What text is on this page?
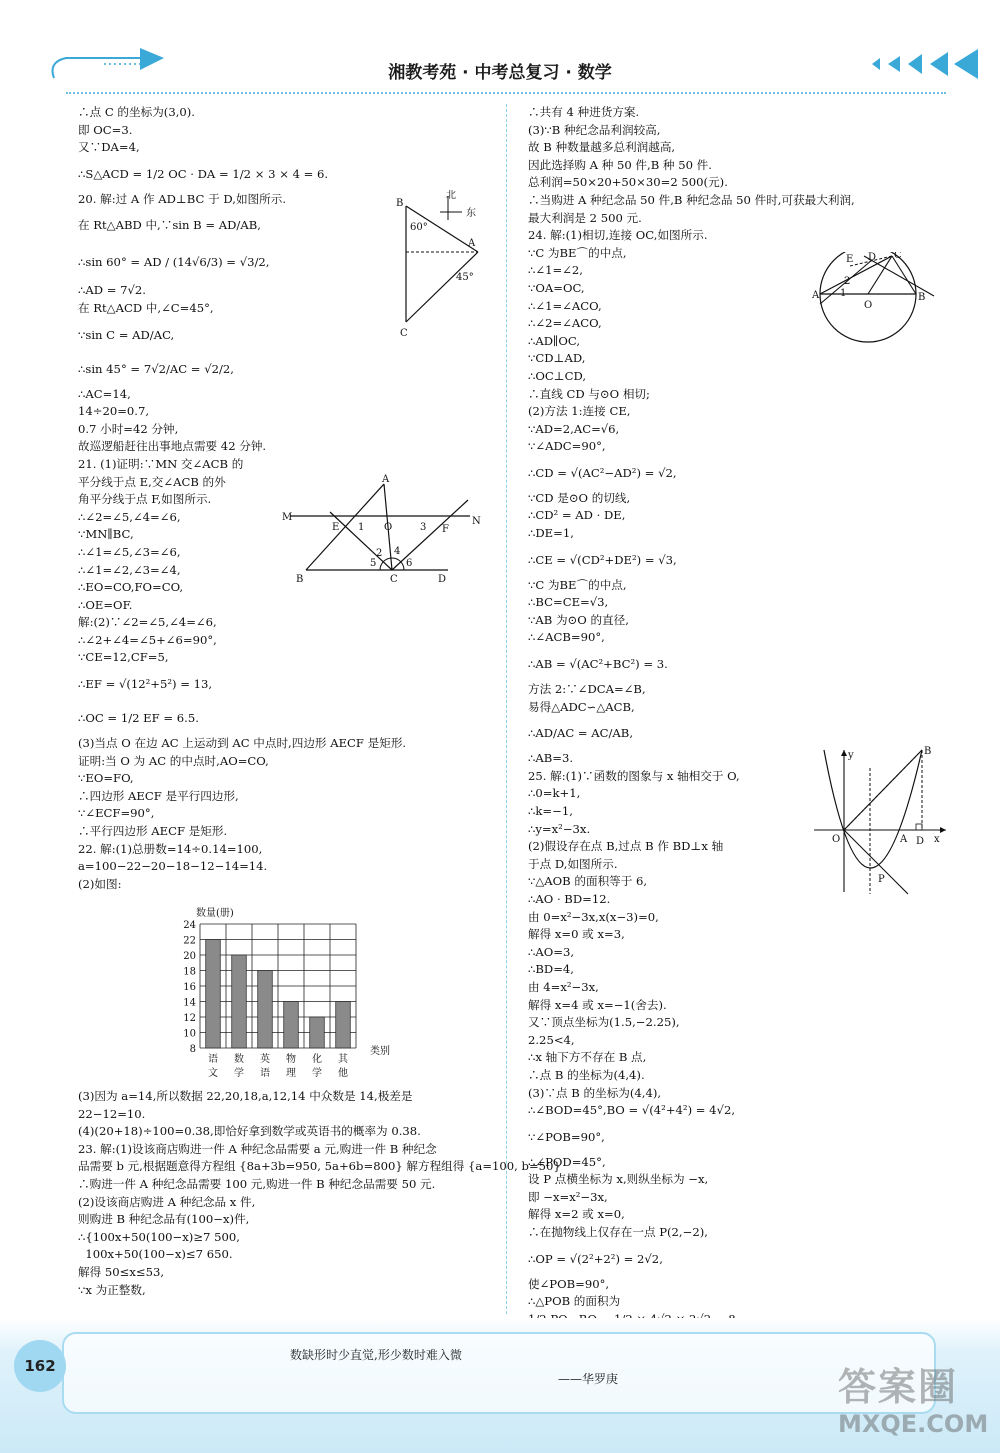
湘教考苑 · 中考总复习 · 数学
∴点 C 的坐标为(3,0).
即 OC=3.
又∵DA=4,
∴S△ACD = 1/2 OC · DA = 1/2 × 3 × 4 = 6.
20. 解:过 A 作 AD⊥BC 于 D,如图所示.
在 Rt△ABD 中,∵sin B = AD/AB,
∴sin 60° = AD / (14√6/3) = √3/2,
∴AD = 7√2.
在 Rt△ACD 中,∠C=45°,
∵sin C = AD/AC,
∴sin 45° = 7√2/AC = √2/2,
∴AC=14,
14÷20=0.7,
0.7 小时=42 分钟,
故巡逻船赶往出事地点需要 42 分钟.
21. (1)证明:∵MN 交∠ACB 的
平分线于点 E,交∠ACB 的外
角平分线于点 F,如图所示.
∴∠2=∠5,∠4=∠6,
∵MN∥BC,
∴∠1=∠5,∠3=∠6,
∴∠1=∠2,∠3=∠4,
∴EO=CO,FO=CO,
∴OE=OF.
解:(2)∵∠2=∠5,∠4=∠6,
∴∠2+∠4=∠5+∠6=90°,
∵CE=12,CF=5,
∴EF = √(12²+5²) = 13,
∴OC = 1/2 EF = 6.5.
(3)当点 O 在边 AC 上运动到 AC 中点时,四边形 AECF 是矩形.
证明:当 O 为 AC 的中点时,AO=CO,
∵EO=FO,
∴四边形 AECF 是平行四边形,
∵∠ECF=90°,
∴平行四边形 AECF 是矩形.
22. 解:(1)总册数=14÷0.14=100,
a=100−22−20−18−12−14=14.
(2)如图:
(3)因为 a=14,所以数据 22,20,18,a,12,14 中众数是 14,极差是
22−12=10.
(4)(20+18)÷100=0.38,即恰好拿到数学或英语书的概率为 0.38.
23. 解:(1)设该商店购进一件 A 种纪念品需要 a 元,购进一件 B 种纪念
品需要 b 元,根据题意得方程组 {8a+3b=950, 5a+6b=800} 解方程组得 {a=100, b=50}
∴购进一件 A 种纪念品需要 100 元,购进一件 B 种纪念品需要 50 元.
(2)设该商店购进 A 种纪念品 x 件,
则购进 B 种纪念品有(100−x)件,
∴{100x+50(100−x)≥7 500,
100x+50(100−x)≤7 650.
解得 50≤x≤53,
∵x 为正整数,
∴共有 4 种进货方案.
(3)∵B 种纪念品利润较高,
故 B 种数量越多总利润越高,
因此选择购 A 种 50 件,B 种 50 件.
总利润=50×20+50×30=2 500(元).
∴当购进 A 种纪念品 50 件,B 种纪念品 50 件时,可获最大利润,
最大利润是 2 500 元.
24. 解:(1)相切,连接 OC,如图所示.
∵C 为BE⌒的中点,
∴∠1=∠2,
∵OA=OC,
∴∠1=∠ACO,
∴∠2=∠ACO,
∴AD∥OC,
∵CD⊥AD,
∴OC⊥CD,
∴直线 CD 与⊙O 相切;
(2)方法 1:连接 CE,
∵AD=2,AC=√6,
∵∠ADC=90°,
∴CD = √(AC²−AD²) = √2,
∵CD 是⊙O 的切线,
∴CD² = AD · DE,
∴DE=1,
∴CE = √(CD²+DE²) = √3,
∵C 为BE⌒的中点,
∴BC=CE=√3,
∵AB 为⊙O 的直径,
∴∠ACB=90°,
∴AB = √(AC²+BC²) = 3.
方法 2:∵∠DCA=∠B,
易得△ADC∽△ACB,
∴AD/AC = AC/AB,
∴AB=3.
25. 解:(1)∵函数的图象与 x 轴相交于 O,
∴0=k+1,
∴k=−1,
∴y=x²−3x.
(2)假设存在点 B,过点 B 作 BD⊥x 轴
于点 D,如图所示.
∵△AOB 的面积等于 6,
∴AO · BD=12.
由 0=x²−3x,x(x−3)=0,
解得 x=0 或 x=3,
∴AO=3,
∴BD=4,
由 4=x²−3x,
解得 x=4 或 x=−1(舍去).
又∵顶点坐标为(1.5,−2.25),
2.25<4,
∴x 轴下方不存在 B 点,
∴点 B 的坐标为(4,4).
(3)∵点 B 的坐标为(4,4),
∴∠BOD=45°,BO = √(4²+4²) = 4√2,
∵∠POB=90°,
∴∠POD=45°,
设 P 点横坐标为 x,则纵坐标为 −x,
即 −x=x²−3x,
解得 x=2 或 x=0,
∴在抛物线上仅存在一点 P(2,−2),
∴OP = √(2²+2²) = 2√2,
使∠POB=90°,
∴△POB 的面积为
B
北
东
60°
A
45°
C
A
M
E 1 O	3 F
N
2 4
5	6
B	C	D
8
10
12
14
16
18
20
22
24
语
文
数
学
英
语
物
理
化
学
其
他
数量(册)
类别
D
E	C
2
1
A
O
B
y	B
O	A D x
P
162
数缺形时少直觉,形少数时难入微
——华罗庚	答案圈
MXQE.COM
